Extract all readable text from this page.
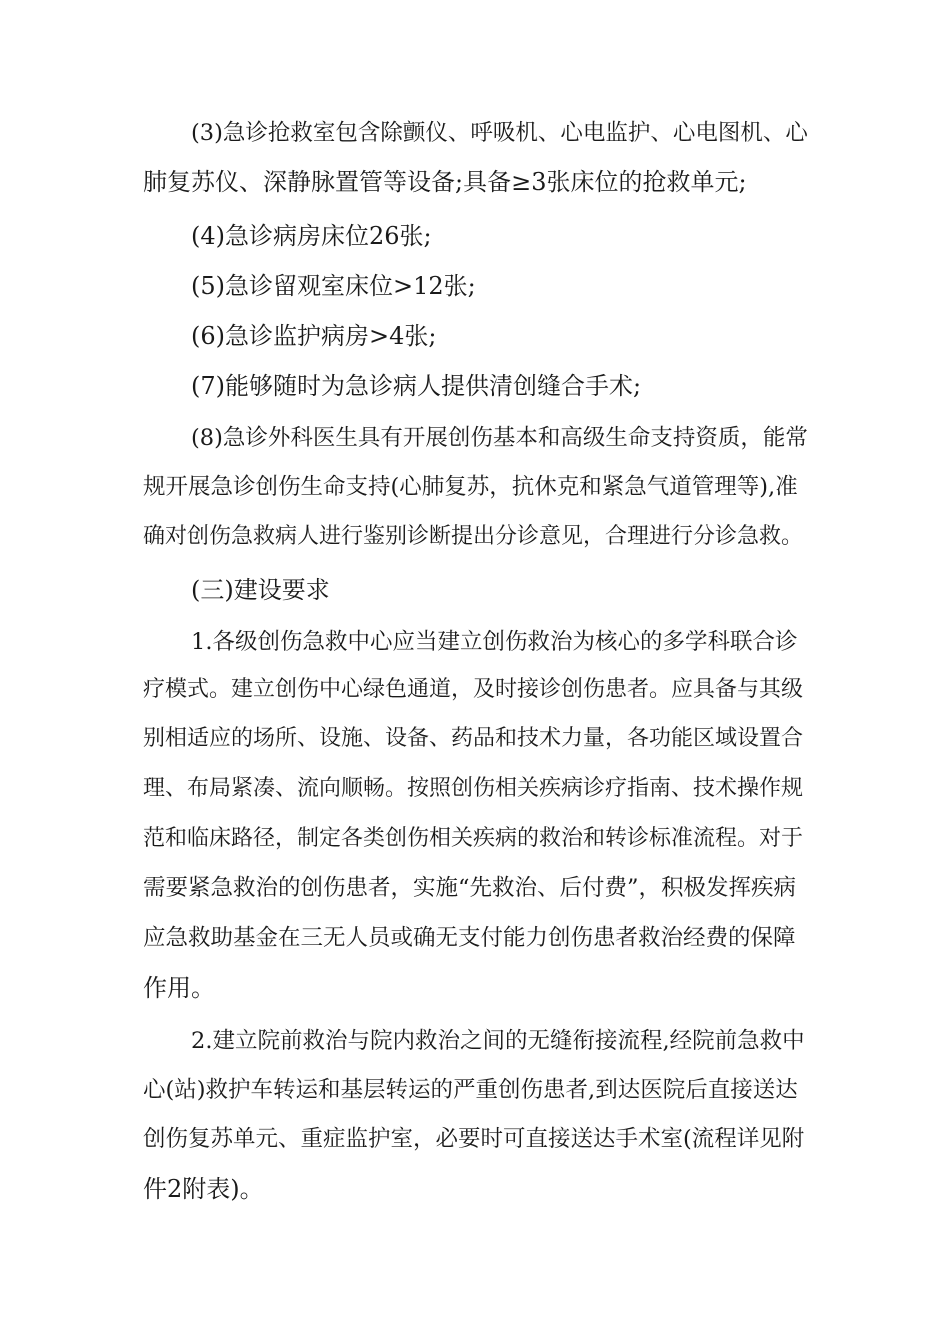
(3)急诊抢救室包含除颤仪、呼吸机、心电监护、心电图机、心

肺复苏仪、深静脉置管等设备;具备≥3张床位的抢救单元;

(4)急诊病房床位26张;

(5)急诊留观室床位>12张;

(6)急诊监护病房>4张;

(7)能够随时为急诊病人提供清创缝合手术;

(8)急诊外科医生具有开展创伤基本和高级生命支持资质，能常

规开展急诊创伤生命支持(心肺复苏，抗休克和紧急气道管理等),准

确对创伤急救病人进行鉴别诊断提出分诊意见，合理进行分诊急救。

(三)建设要求

1.各级创伤急救中心应当建立创伤救治为核心的多学科联合诊

疗模式。建立创伤中心绿色通道，及时接诊创伤患者。应具备与其级

别相适应的场所、设施、设备、药品和技术力量，各功能区域设置合

理、布局紧凑、流向顺畅。按照创伤相关疾病诊疗指南、技术操作规

范和临床路径，制定各类创伤相关疾病的救治和转诊标准流程。对于

需要紧急救治的创伤患者，实施“先救治、后付费”，积极发挥疾病

应急救助基金在三无人员或确无支付能力创伤患者救治经费的保障

作用。

2.建立院前救治与院内救治之间的无缝衔接流程,经院前急救中

心(站)救护车转运和基层转运的严重创伤患者,到达医院后直接送达

创伤复苏单元、重症监护室，必要时可直接送达手术室(流程详见附

件2附表)。
